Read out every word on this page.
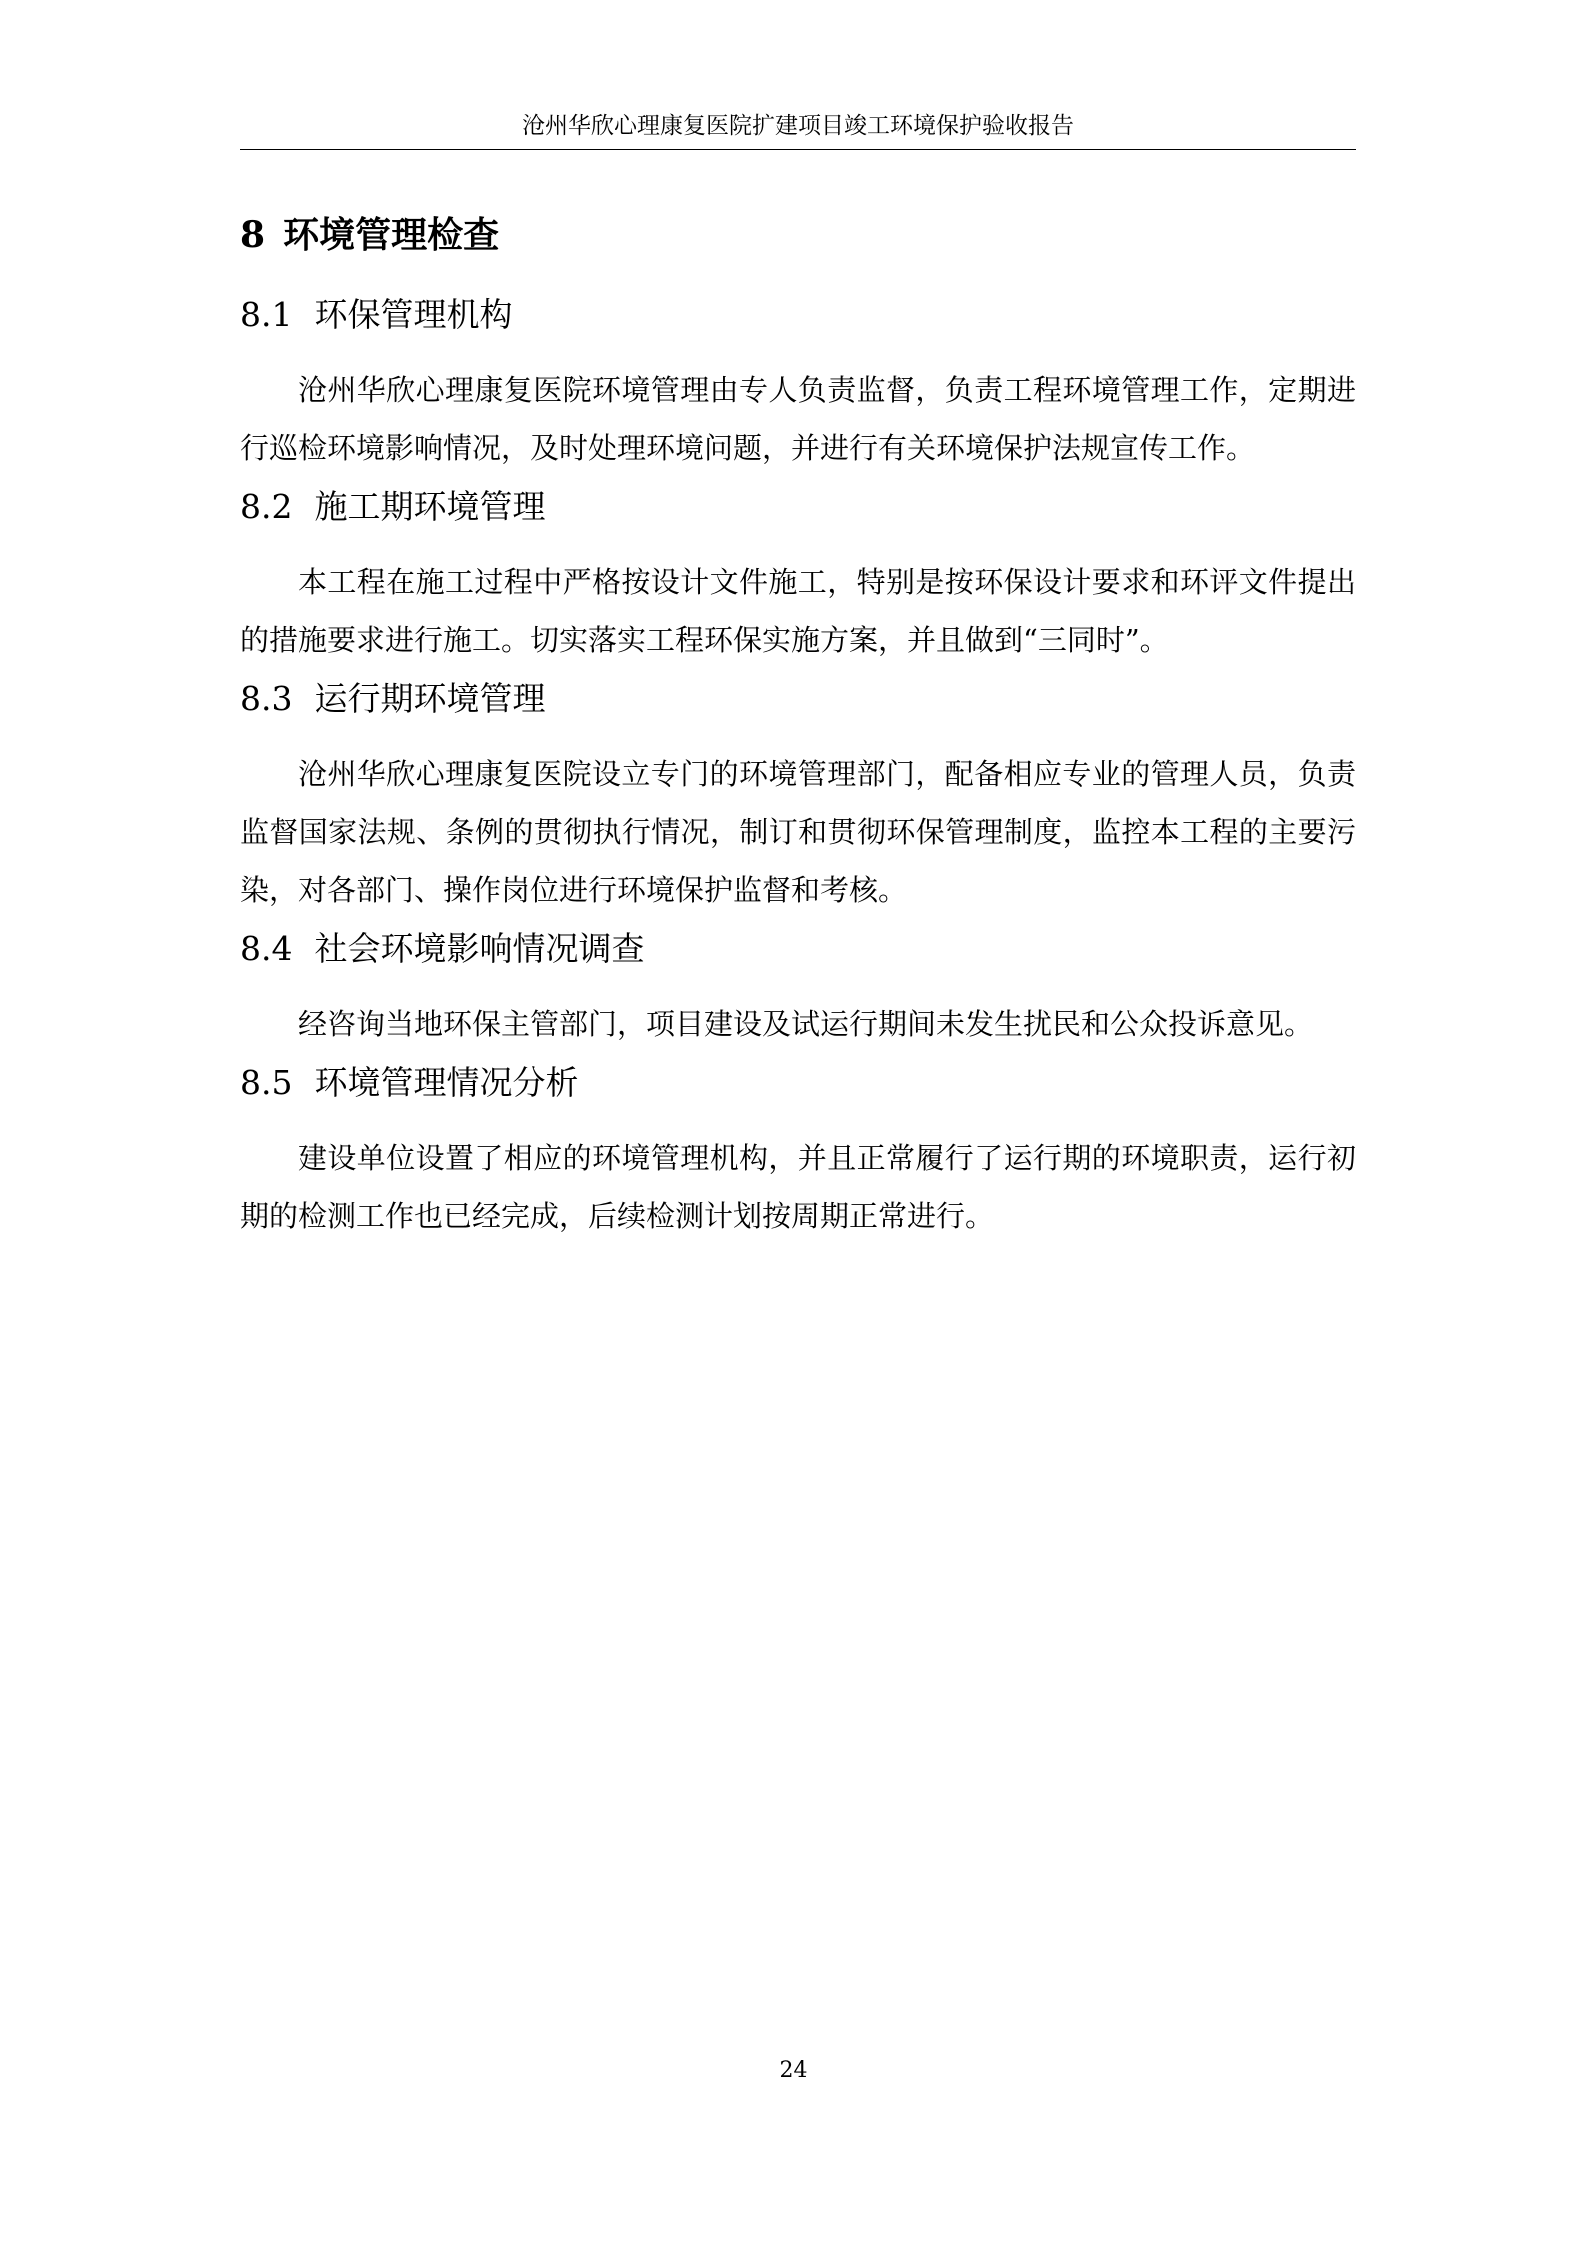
沧州华欣心理康复医院扩建项目竣工环境保护验收报告
8 环境管理检查
8.1 环保管理机构

沧州华欣心理康复医院环境管理由专人负责监督，负责工程环境管理工作，定期进行巡检环境影响情况，及时处理环境问题，并进行有关环境保护法规宣传工作。

8.2 施工期环境管理

本工程在施工过程中严格按设计文件施工，特别是按环保设计要求和环评文件提出的措施要求进行施工。切实落实工程环保实施方案，并且做到“三同时”。

8.3 运行期环境管理

沧州华欣心理康复医院设立专门的环境管理部门，配备相应专业的管理人员，负责监督国家法规、条例的贯彻执行情况，制订和贯彻环保管理制度，监控本工程的主要污染，对各部门、操作岗位进行环境保护监督和考核。

8.4 社会环境影响情况调查

经咨询当地环保主管部门，项目建设及试运行期间未发生扰民和公众投诉意见。

8.5 环境管理情况分析

建设单位设置了相应的环境管理机构，并且正常履行了运行期的环境职责，运行初期的检测工作也已经完成，后续检测计划按周期正常进行。

24
